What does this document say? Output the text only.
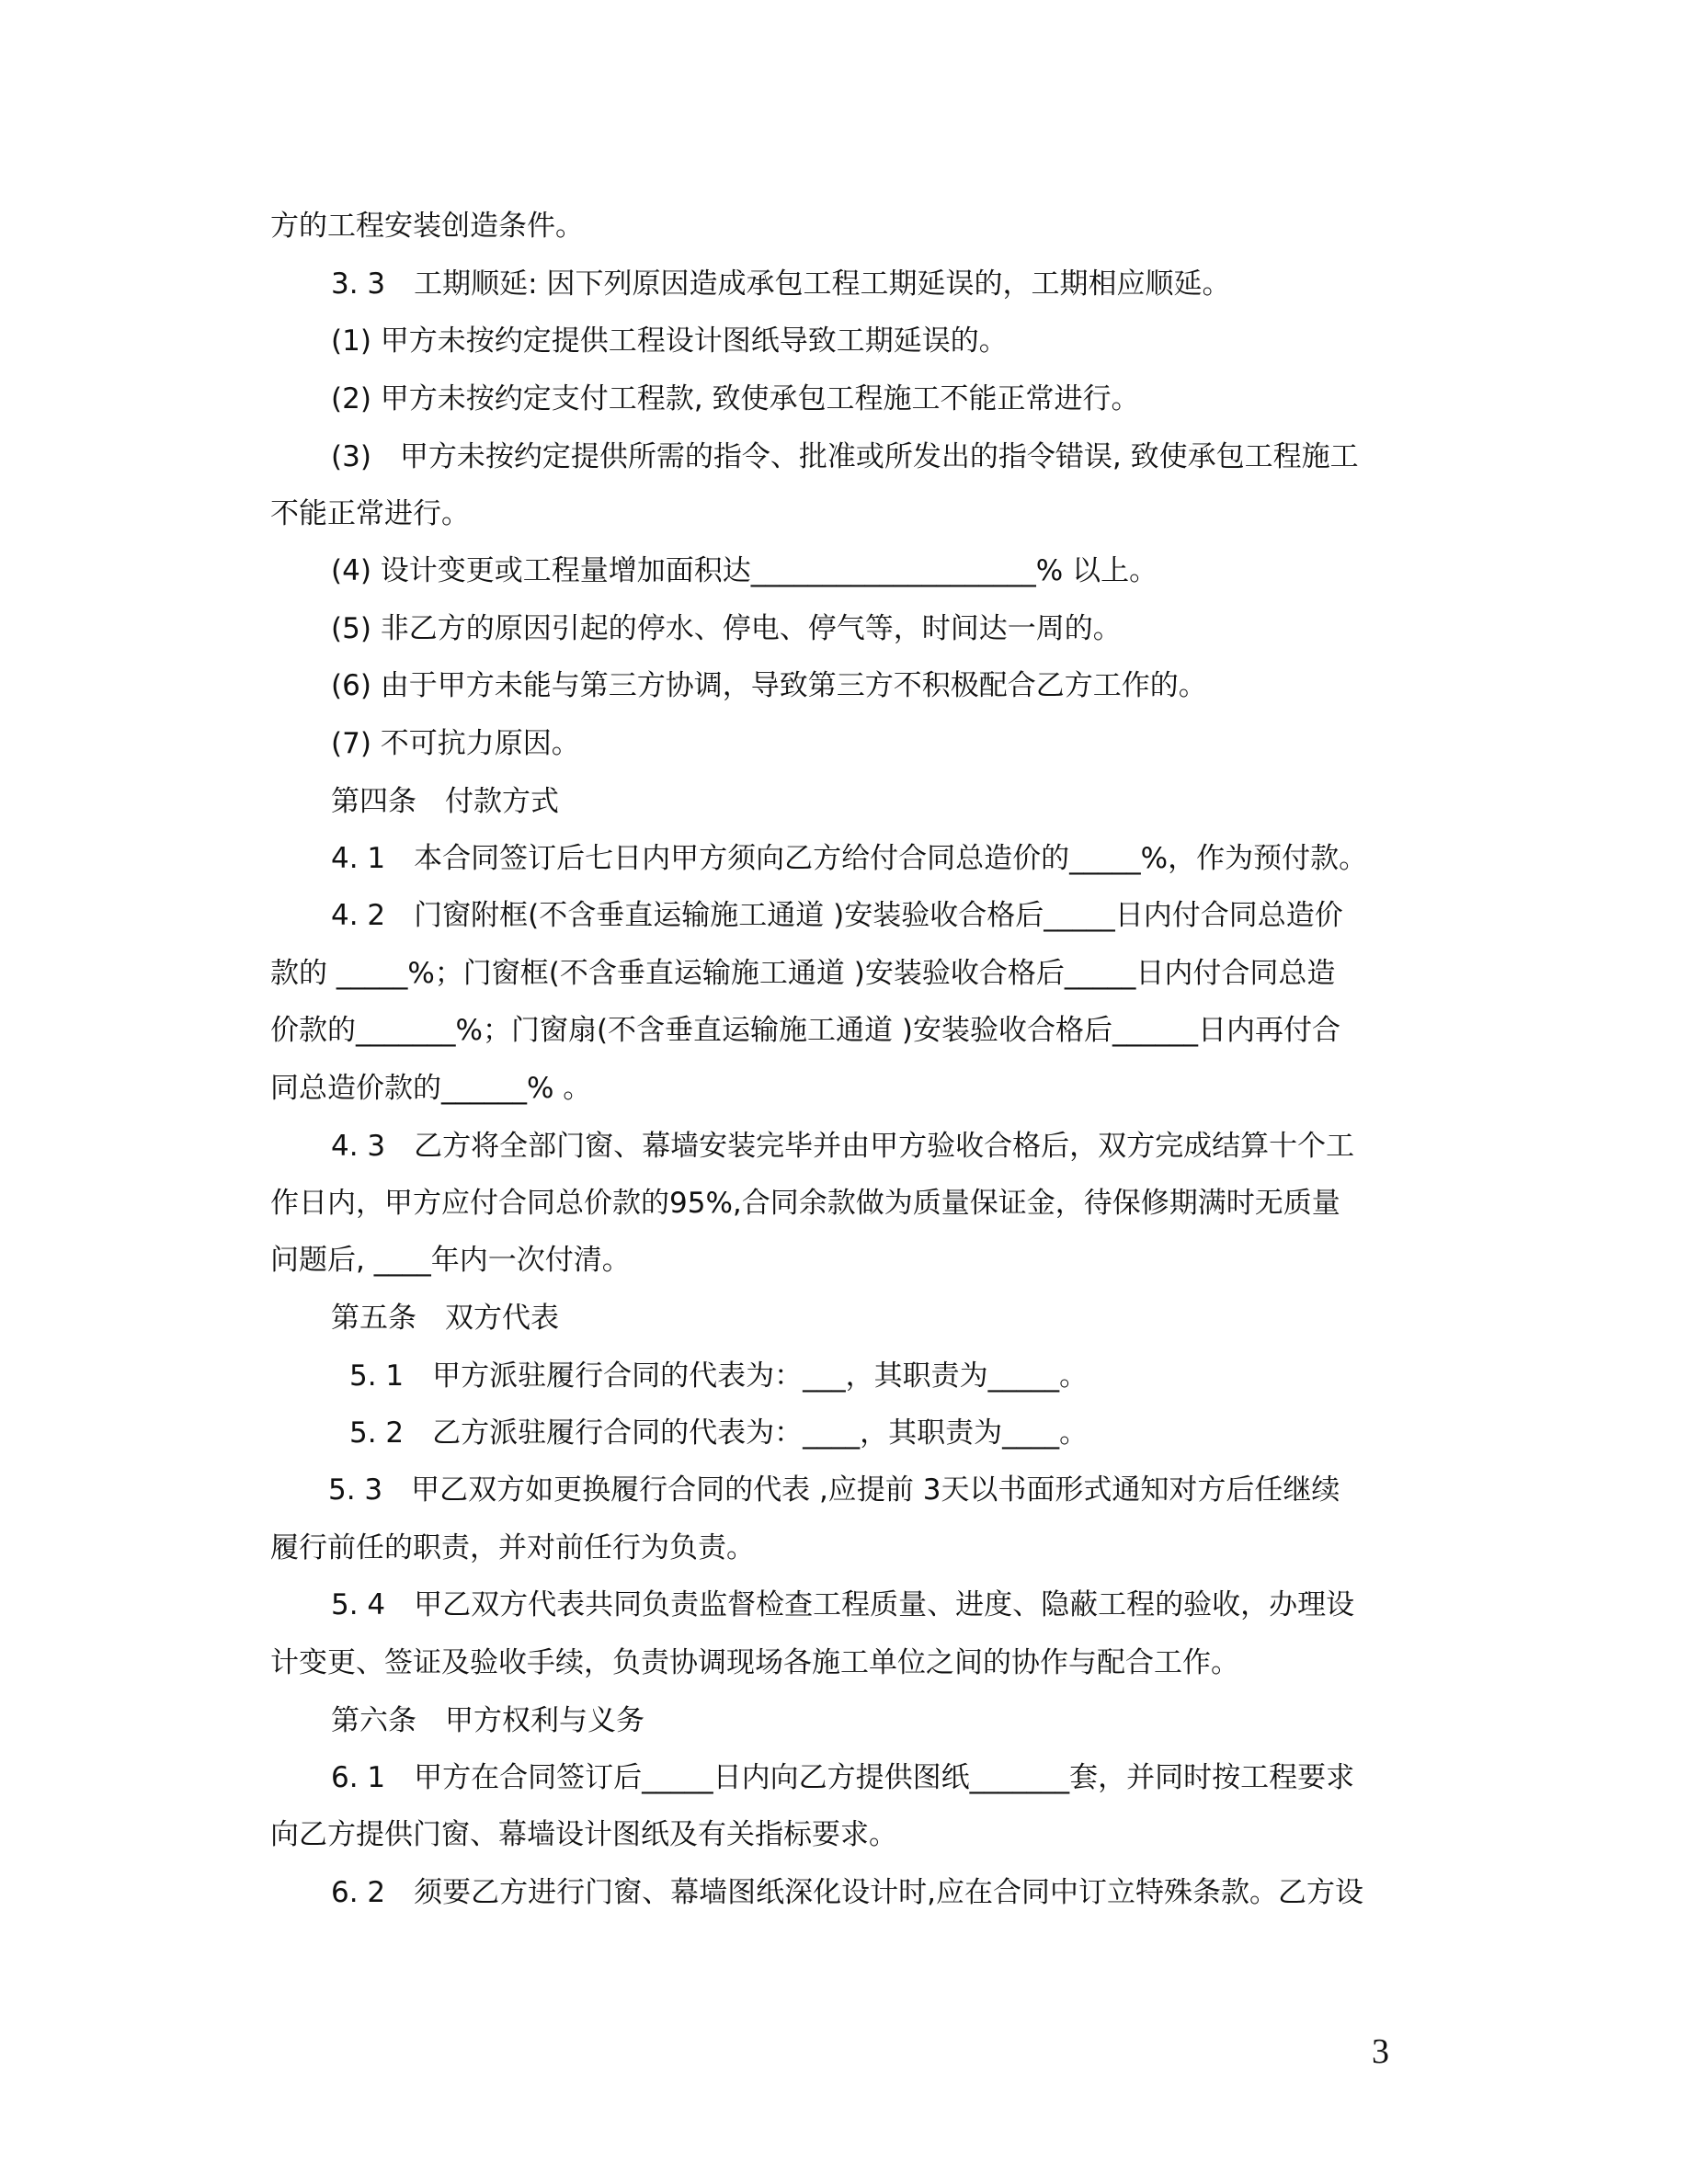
方的工程安装创造条件。

3. 3　工期顺延: 因下列原因造成承包工程工期延误的，工期相应顺延。

(1) 甲方未按约定提供工程设计图纸导致工期延误的。

(2) 甲方未按约定支付工程款, 致使承包工程施工不能正常进行。

(3)　甲方未按约定提供所需的指令、批准或所发出的指令错误, 致使承包工程施工

不能正常进行。

(4) 设计变更或工程量增加面积达____________________% 以上。

(5) 非乙方的原因引起的停水、停电、停气等，时间达一周的。

(6) 由于甲方未能与第三方协调，导致第三方不积极配合乙方工作的。

(7) 不可抗力原因。

第四条　付款方式

4. 1　本合同签订后七日内甲方须向乙方给付合同总造价的_____%，作为预付款。

4. 2　门窗附框(不含垂直运输施工通道 )安装验收合格后_____日内付合同总造价

款的 _____%；门窗框(不含垂直运输施工通道 )安装验收合格后_____日内付合同总造

价款的_______%；门窗扇(不含垂直运输施工通道 )安装验收合格后______日内再付合

同总造价款的______% 。

4. 3　乙方将全部门窗、幕墙安装完毕并由甲方验收合格后，双方完成结算十个工

作日内，甲方应付合同总价款的95%,合同余款做为质量保证金，待保修期满时无质量

问题后, ____年内一次付清。

第五条　双方代表

5. 1　甲方派驻履行合同的代表为：___，其职责为_____。

5. 2　乙方派驻履行合同的代表为：____，其职责为____。

5. 3　甲乙双方如更换履行合同的代表 ,应提前 3天以书面形式通知对方后任继续

履行前任的职责，并对前任行为负责。

5. 4　甲乙双方代表共同负责监督检查工程质量、进度、隐蔽工程的验收，办理设

计变更、签证及验收手续，负责协调现场各施工单位之间的协作与配合工作。

第六条　甲方权利与义务

6. 1　甲方在合同签订后_____日内向乙方提供图纸_______套，并同时按工程要求

向乙方提供门窗、幕墙设计图纸及有关指标要求。

6. 2　须要乙方进行门窗、幕墙图纸深化设计时,应在合同中订立特殊条款。乙方设

3
